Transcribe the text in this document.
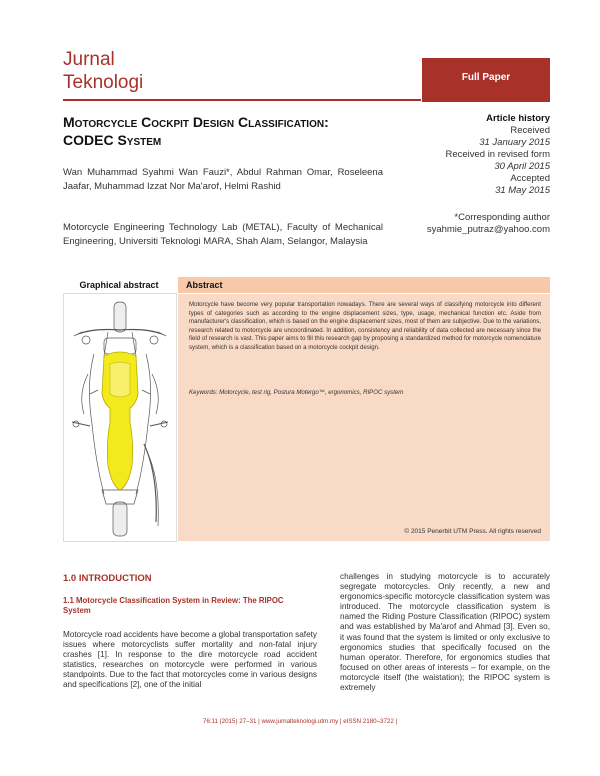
Jurnal
Teknologi	Full Paper
Motorcycle Cockpit Design Classification:
CODEC System
Wan Muhammad Syahmi Wan Fauzi*, Abdul Rahman Omar, Roseleena Jaafar, Muhammad Izzat Nor Ma'arof, Helmi Rashid
Motorcycle Engineering Technology Lab (METAL), Faculty of Mechanical Engineering, Universiti Teknologi MARA, Shah Alam, Selangor, Malaysia
Article history
Received
31 January 2015
Received in revised form
30 April 2015
Accepted
31 May 2015
*Corresponding author
syahmie_putraz@yahoo.com
Graphical abstract	Abstract
Motorcycle have become very popular transportation nowadays. There are several ways of classifying motorcycle into different types of categories such as according to the engine displacement sizes, type, usage, mechanical function etc. Aside from manufacturer's classification, which is based on the engine displacement sizes, most of them are subjective. Due to the variations, research related to motorcycle are uncoordinated. In addition, consistency and reliability of data collected are necessary since the field of research is vast. This paper aims to fill this research gap by proposing a standardized method for motorcycle nomenclature system, which is a classification based on a motorcycle cockpit design.
Keywords: Motorcycle, test rig, Postura Motergo™, ergonomics, RIPOC system
© 2015 Penerbit UTM Press. All rights reserved
1.0 INTRODUCTION
1.1 Motorcycle Classification System in Review: The RIPOC System
Motorcycle road accidents have become a global transportation safety issues where motorcyclists suffer mortality and non-fatal injury crashes [1]. In response to the dire motorcycle road accident statistics, researches on motorcycle were performed in various standpoints. Due to the fact that motorcycles come in various designs and specifications [2], one of the initial
challenges in studying motorcycle is to accurately segregate motorcycles. Only recently, a new and ergonomics-specific motorcycle classification system was introduced. The motorcycle classification system is named the Riding Posture Classification (RIPOC) system and was established by Ma'arof and Ahmad [3]. Even so, it was found that the system is limited or only exclusive to ergonomics studies that specifically focused on the human operator. Therefore, for ergonomics studies that focused on other areas of interests – for example, on the motorcycle itself (the waistation); the RIPOC system is extremely
76:11 (2015) 27–31 | www.jurnalteknologi.utm.my | eISSN 2180–3722 |
